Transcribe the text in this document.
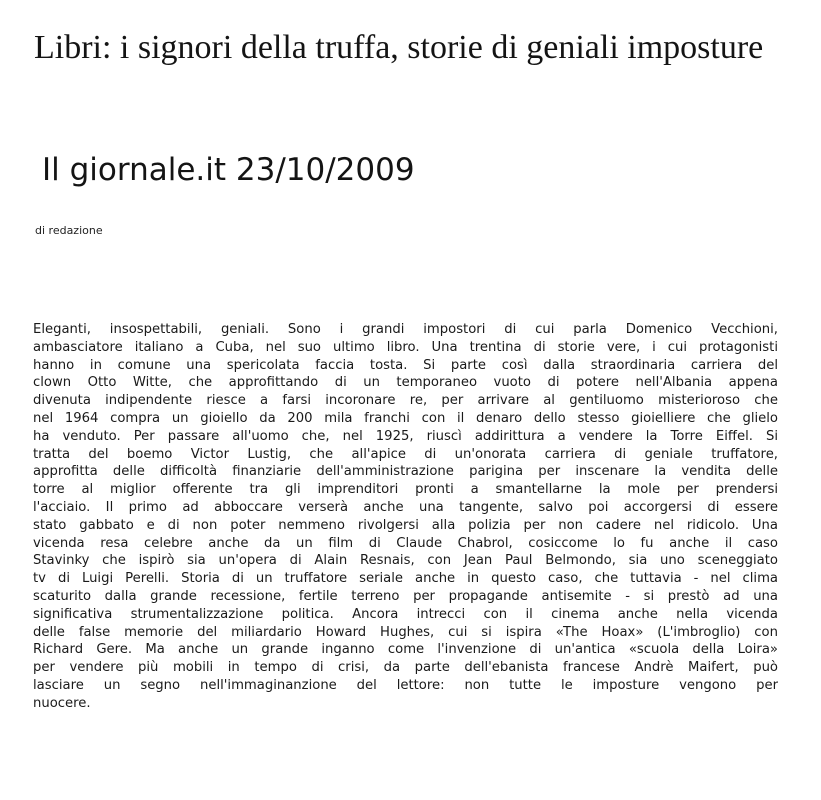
Libri: i signori della truffa, storie di geniali imposture
Il giornale.it 23/10/2009
di redazione

Eleganti, insospettabili, geniali. Sono i grandi impostori di cui parla Domenico Vecchioni,
ambasciatore italiano a Cuba, nel suo ultimo libro. Una trentina di storie vere, i cui protagonisti
hanno in comune una spericolata faccia tosta. Si parte così dalla straordinaria carriera del
clown Otto Witte, che approfittando di un temporaneo vuoto di potere nell'Albania appena
divenuta indipendente riesce a farsi incoronare re, per arrivare al gentiluomo misterioroso che
nel 1964 compra un gioiello da 200 mila franchi con il denaro dello stesso gioielliere che glielo
ha venduto. Per passare all'uomo che, nel 1925, riuscì addirittura a vendere la Torre Eiffel. Si
tratta del boemo Victor Lustig, che all'apice di un'onorata carriera di geniale truffatore,
approfitta delle difficoltà finanziarie dell'amministrazione parigina per inscenare la vendita delle
torre al miglior offerente tra gli imprenditori pronti a smantellarne la mole per prendersi
l'acciaio. Il primo ad abboccare verserà anche una tangente, salvo poi accorgersi di essere
stato gabbato e di non poter nemmeno rivolgersi alla polizia per non cadere nel ridicolo. Una
vicenda resa celebre anche da un film di Claude Chabrol, cosiccome lo fu anche il caso
Stavinky che ispirò sia un'opera di Alain Resnais, con Jean Paul Belmondo, sia uno sceneggiato
tv di Luigi Perelli. Storia di un truffatore seriale anche in questo caso, che tuttavia - nel clima
scaturito dalla grande recessione, fertile terreno per propagande antisemite - si prestò ad una
significativa strumentalizzazione politica. Ancora intrecci con il cinema anche nella vicenda
delle false memorie del miliardario Howard Hughes, cui si ispira «The Hoax» (L'imbroglio) con
Richard Gere. Ma anche un grande inganno come l'invenzione di un'antica «scuola della Loira»
per vendere più mobili in tempo di crisi, da parte dell'ebanista francese Andrè Maifert, può
lasciare un segno nell'immaginanzione del lettore: non tutte le imposture vengono per
nuocere.
